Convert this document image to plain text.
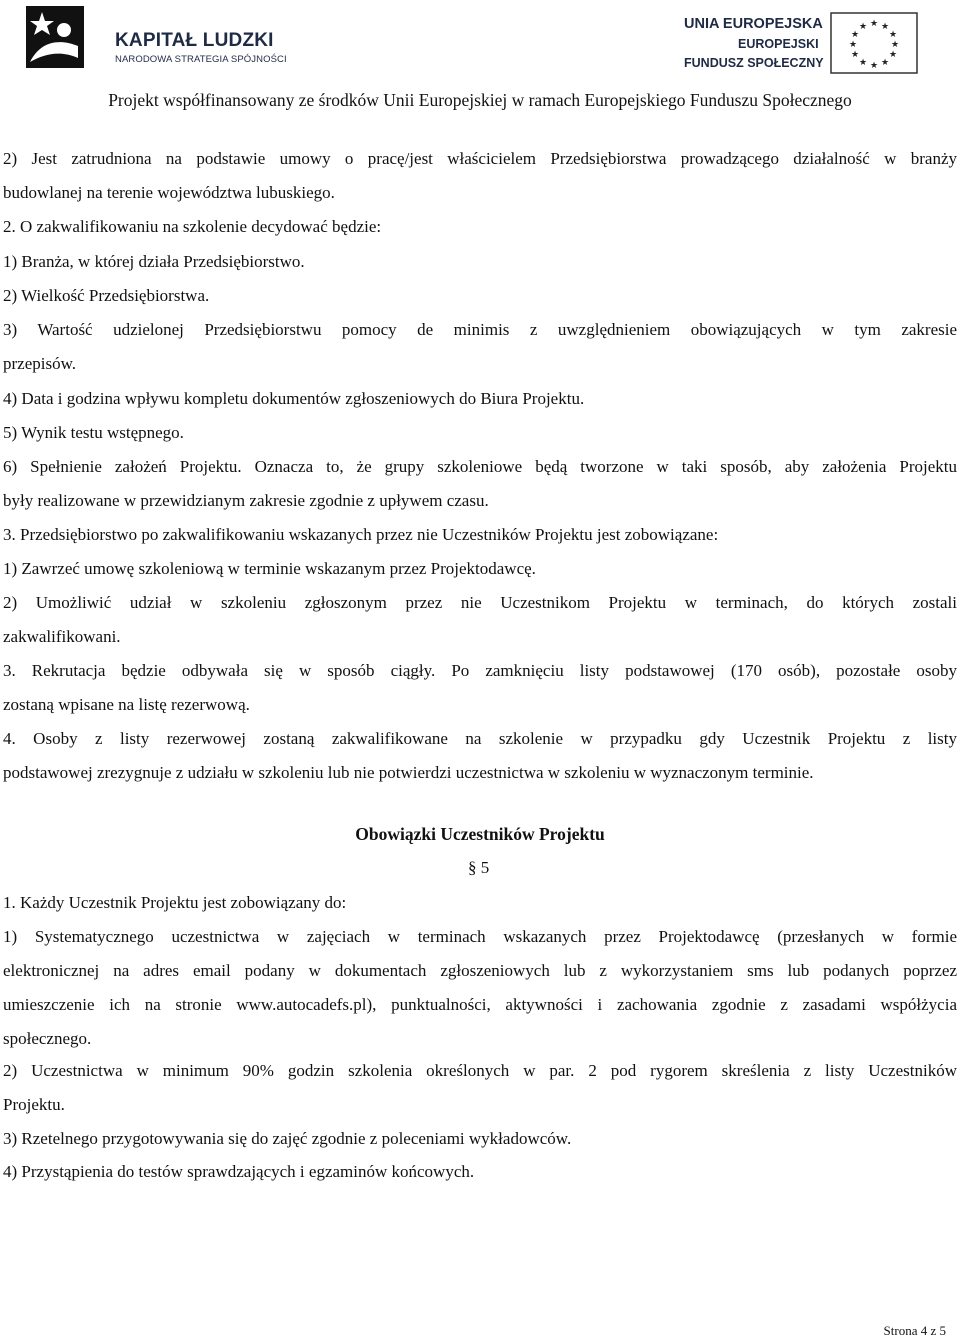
KAPITAŁ LUDZKI
NARODOWA STRATEGIA SPÓJNOŚCI
UNIA EUROPEJSKA
EUROPEJSKI
FUNDUSZ SPOŁECZNY
★ ★
★
★
★
★
★
★
★
★
★
★
Projekt współfinansowany ze środków Unii Europejskiej w ramach Europejskiego Funduszu Społecznego
2) Jest zatrudniona na podstawie umowy o pracę/jest właścicielem Przedsiębiorstwa prowadzącego działalność w branży
budowlanej na terenie województwa lubuskiego.
2. O zakwalifikowaniu na szkolenie decydować będzie:
1) Branża, w której działa Przedsiębiorstwo.
2) Wielkość Przedsiębiorstwa.
3) Wartość udzielonej Przedsiębiorstwu pomocy de minimis z uwzględnieniem obowiązujących w tym zakresie
przepisów.
4) Data i godzina wpływu kompletu dokumentów zgłoszeniowych do Biura Projektu.
5) Wynik testu wstępnego.
6) Spełnienie założeń Projektu. Oznacza to, że grupy szkoleniowe będą tworzone w taki sposób, aby założenia Projektu
były realizowane w przewidzianym zakresie zgodnie z upływem czasu.
3. Przedsiębiorstwo po zakwalifikowaniu wskazanych przez nie Uczestników Projektu jest zobowiązane:
1) Zawrzeć umowę szkoleniową w terminie wskazanym przez Projektodawcę.
2) Umożliwić udział w szkoleniu zgłoszonym przez nie Uczestnikom Projektu w terminach, do których zostali
zakwalifikowani.
3. Rekrutacja będzie odbywała się w sposób ciągły. Po zamknięciu listy podstawowej (170 osób), pozostałe osoby
zostaną wpisane na listę rezerwową.
4. Osoby z listy rezerwowej zostaną zakwalifikowane na szkolenie w przypadku gdy Uczestnik Projektu z listy
podstawowej zrezygnuje z udziału w szkoleniu lub nie potwierdzi uczestnictwa w szkoleniu w wyznaczonym terminie.
Obowiązki Uczestników Projektu
§ 5
1. Każdy Uczestnik Projektu jest zobowiązany do:
1) Systematycznego uczestnictwa w zajęciach w terminach wskazanych przez Projektodawcę (przesłanych w formie
elektronicznej na adres email podany w dokumentach zgłoszeniowych lub z wykorzystaniem sms lub podanych poprzez
umieszczenie ich na stronie www.autocadefs.pl), punktualności, aktywności i zachowania zgodnie z zasadami współżycia
społecznego.
2) Uczestnictwa w minimum 90% godzin szkolenia określonych w par. 2 pod rygorem skreślenia z listy Uczestników
Projektu.
3) Rzetelnego przygotowywania się do zajęć zgodnie z poleceniami wykładowców.
4) Przystąpienia do testów sprawdzających i egzaminów końcowych.
Strona 4 z 5
